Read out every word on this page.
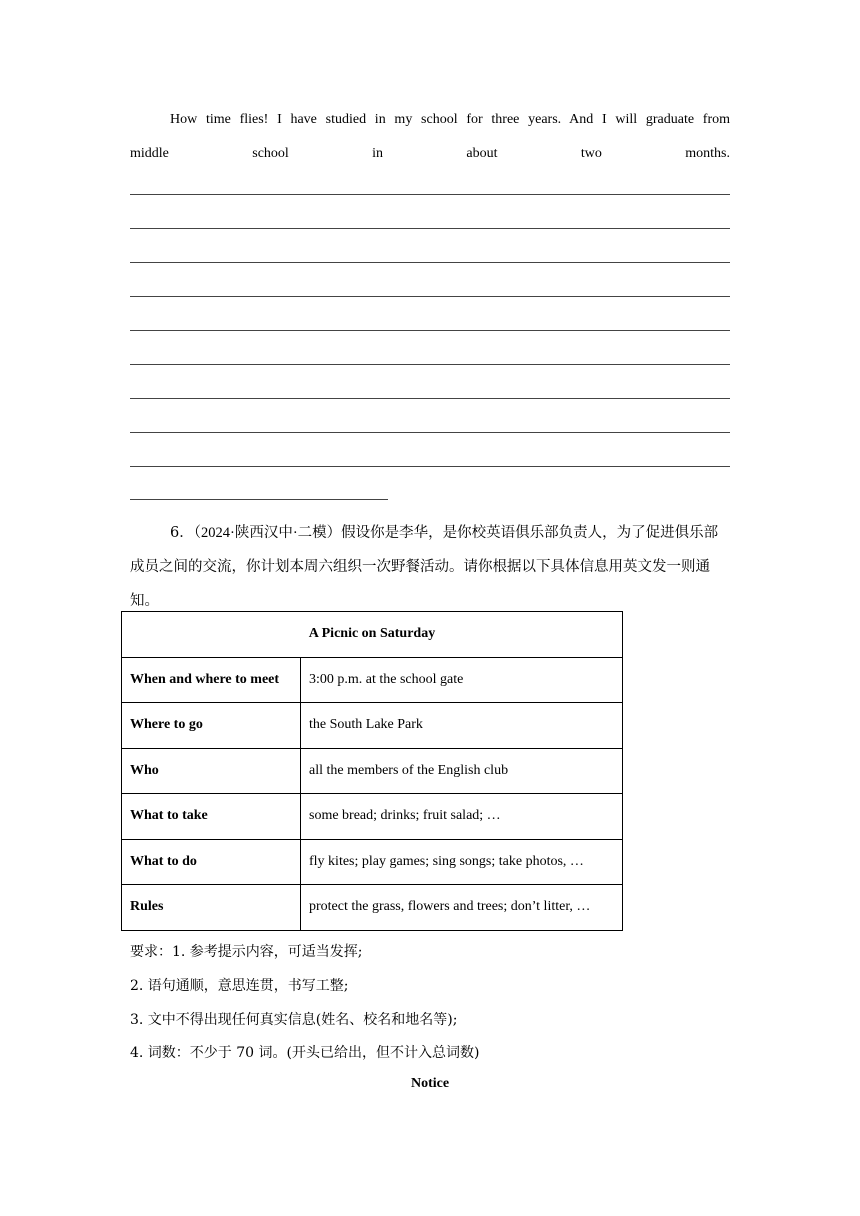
How time flies! I have studied in my school for three years. And I will graduate from
middle	school	in	about	two	months.
6．（2024·陕西汉中·二模）假设你是李华，是你校英语俱乐部负责人，为了促进俱乐部成员之间的交流，你计划本周六组织一次野餐活动。请你根据以下具体信息用英文发一则通知。
A Picnic on Saturday	
When and where to meet	3:00 p.m. at the school gate
Where to go	the South Lake Park
Who	all the members of the English club
What to take	some bread; drinks; fruit salad; …
What to do	fly kites; play games; sing songs; take photos, …
Rules	protect the grass, flowers and trees; don’t litter, …
要求：1. 参考提示内容，可适当发挥;
2. 语句通顺，意思连贯，书写工整;
3. 文中不得出现任何真实信息(姓名、校名和地名等);
4. 词数：不少于 70 词。(开头已给出，但不计入总词数)
Notice
